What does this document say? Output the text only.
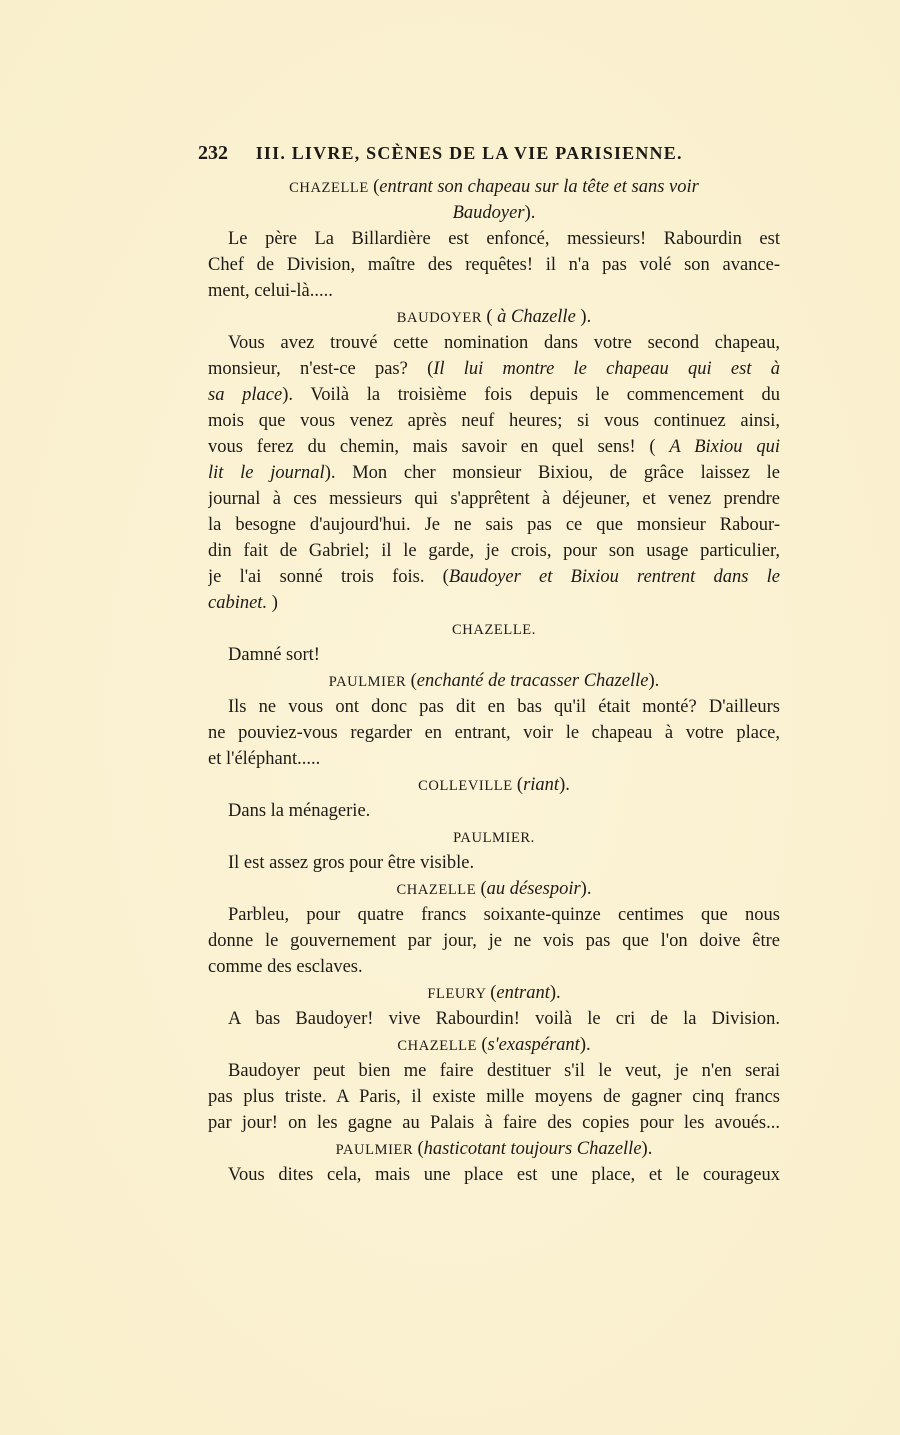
232 III. LIVRE, SCÈNES DE LA VIE PARISIENNE.
CHAZELLE (entrant son chapeau sur la tête et sans voir
Baudoyer).
Le père La Billardière est enfoncé, messieurs! Rabourdin est
Chef de Division, maître des requêtes! il n'a pas volé son avance-
ment, celui-là.....
BAUDOYER ( à Chazelle ).
Vous avez trouvé cette nomination dans votre second chapeau,
monsieur, n'est-ce pas? (Il lui montre le chapeau qui est à
sa place). Voilà la troisième fois depuis le commencement du
mois que vous venez après neuf heures; si vous continuez ainsi,
vous ferez du chemin, mais savoir en quel sens! ( A Bixiou qui
lit le journal). Mon cher monsieur Bixiou, de grâce laissez le
journal à ces messieurs qui s'apprêtent à déjeuner, et venez prendre
la besogne d'aujourd'hui. Je ne sais pas ce que monsieur Rabour-
din fait de Gabriel; il le garde, je crois, pour son usage particulier,
je l'ai sonné trois fois. (Baudoyer et Bixiou rentrent dans le
cabinet. )
CHAZELLE.
Damné sort!
PAULMIER (enchanté de tracasser Chazelle).
Ils ne vous ont donc pas dit en bas qu'il était monté? D'ailleurs
ne pouviez-vous regarder en entrant, voir le chapeau à votre place,
et l'éléphant.....
COLLEVILLE (riant).
Dans la ménagerie.
PAULMIER.
Il est assez gros pour être visible.
CHAZELLE (au désespoir).
Parbleu, pour quatre francs soixante-quinze centimes que nous
donne le gouvernement par jour, je ne vois pas que l'on doive être
comme des esclaves.
FLEURY (entrant).
A bas Baudoyer! vive Rabourdin! voilà le cri de la Division.
CHAZELLE (s'exaspérant).
Baudoyer peut bien me faire destituer s'il le veut, je n'en serai
pas plus triste. A Paris, il existe mille moyens de gagner cinq francs
par jour! on les gagne au Palais à faire des copies pour les avoués...
PAULMIER (hasticotant toujours Chazelle).
Vous dites cela, mais une place est une place, et le courageux
